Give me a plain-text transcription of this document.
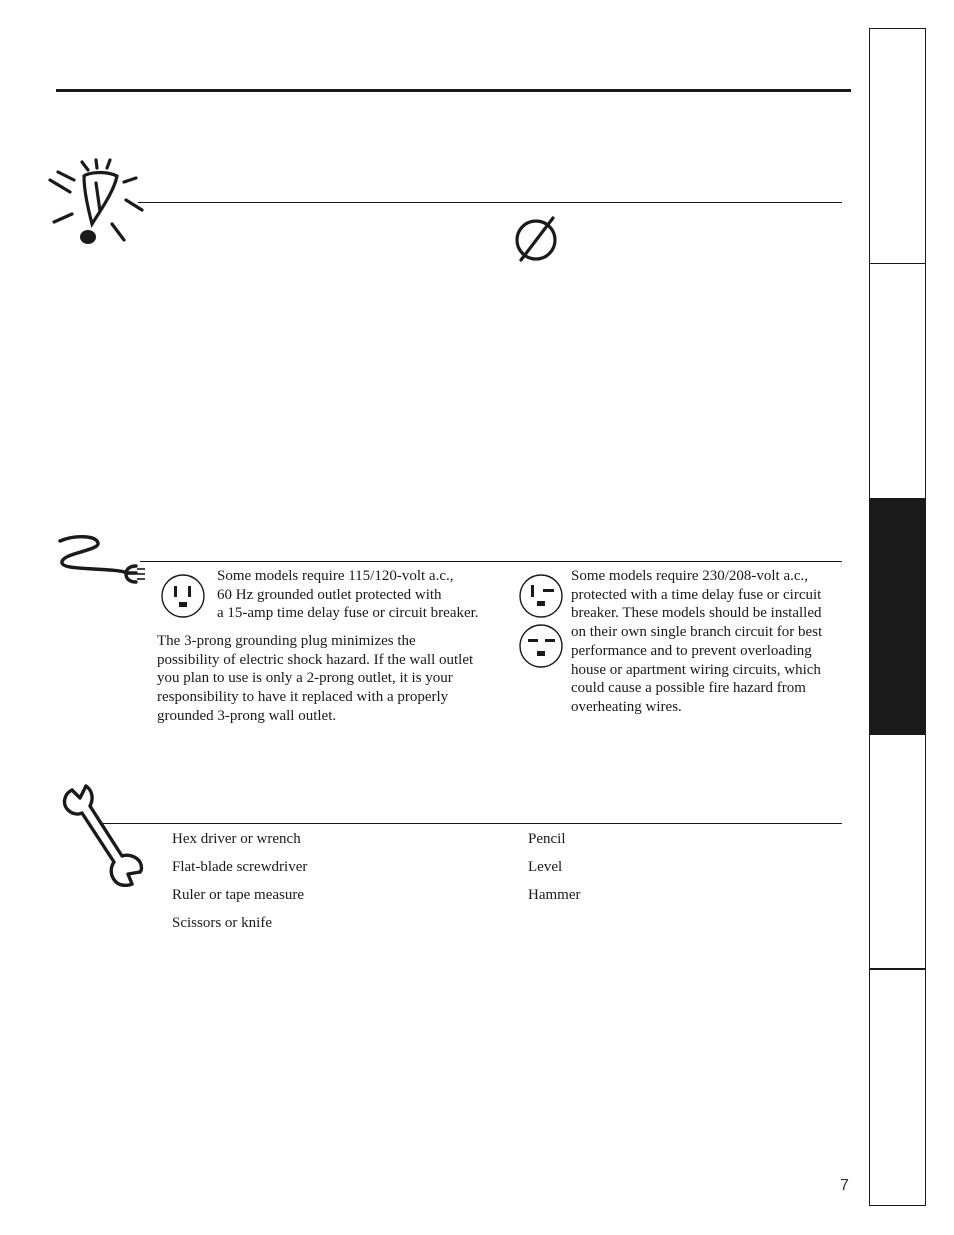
Some models require 115/120-volt a.c.,
60 Hz grounded outlet protected with
a 15-amp time delay fuse or circuit breaker.
The 3-prong grounding plug minimizes the
possibility of electric shock hazard. If the wall outlet
you plan to use is only a 2-prong outlet, it is your
responsibility to have it replaced with a properly
grounded 3-prong wall outlet.
Some models require 230/208-volt a.c.,
protected with a time delay fuse or circuit
breaker. These models should be installed
on their own single branch circuit for best
performance and to prevent overloading
house or apartment wiring circuits, which
could cause a possible fire hazard from
overheating wires.
Hex driver or wrench
Flat-blade screwdriver
Ruler or tape measure
Scissors or knife
Pencil
Level
Hammer
7
